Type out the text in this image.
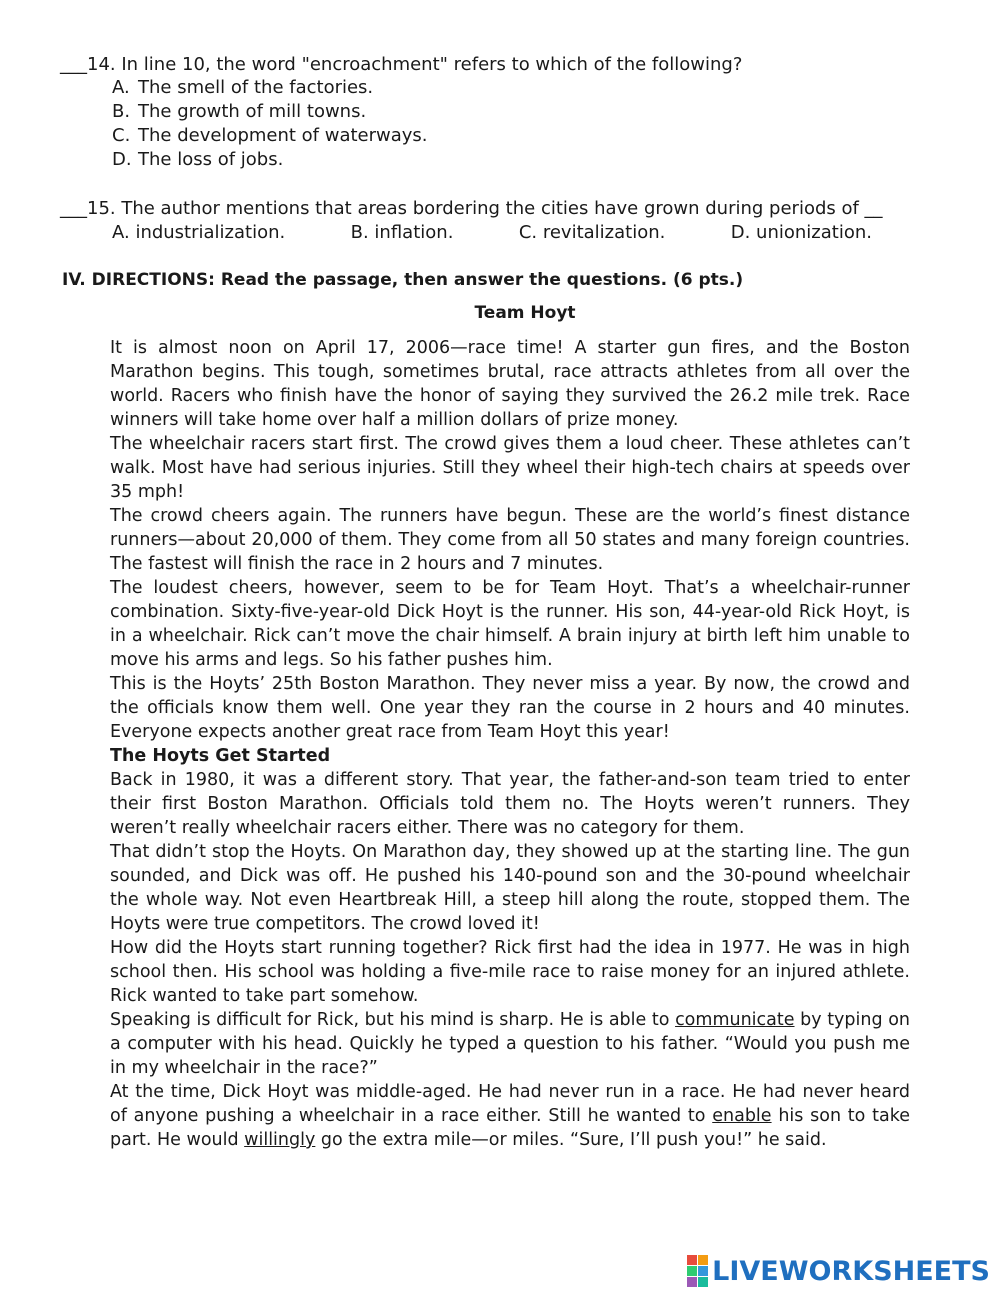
___14. In line 10, the word "encroachment" refers to which of the following?
A. The smell of the factories.
B. The growth of mill towns.
C. The development of waterways.
D. The loss of jobs.
___15. The author mentions that areas bordering the cities have grown during periods of __
A. industrialization.	B. inflation.	C. revitalization.	D. unionization.
IV. DIRECTIONS: Read the passage, then answer the questions. (6 pts.)
Team Hoyt

It is almost noon on April 17, 2006—race time! A starter gun fires, and the Boston Marathon begins. This tough, sometimes brutal, race attracts athletes from all over the world. Racers who finish have the honor of saying they survived the 26.2 mile trek. Race winners will take home over half a million dollars of prize money.

The wheelchair racers start first. The crowd gives them a loud cheer. These athletes can’t walk. Most have had serious injuries. Still they wheel their high-tech chairs at speeds over 35 mph!

The crowd cheers again. The runners have begun. These are the world’s finest distance runners—about 20,000 of them. They come from all 50 states and many foreign countries. The fastest will finish the race in 2 hours and 7 minutes.

The loudest cheers, however, seem to be for Team Hoyt. That’s a wheelchair-runner combination. Sixty-five-year-old Dick Hoyt is the runner. His son, 44-year-old Rick Hoyt, is in a wheelchair. Rick can’t move the chair himself. A brain injury at birth left him unable to move his arms and legs. So his father pushes him.

This is the Hoyts’ 25th Boston Marathon. They never miss a year. By now, the crowd and the officials know them well. One year they ran the course in 2 hours and 40 minutes. Everyone expects another great race from Team Hoyt this year!

The Hoyts Get Started

Back in 1980, it was a different story. That year, the father-and-son team tried to enter their first Boston Marathon. Officials told them no. The Hoyts weren’t runners. They weren’t really wheelchair racers either. There was no category for them.

That didn’t stop the Hoyts. On Marathon day, they showed up at the starting line. The gun sounded, and Dick was off. He pushed his 140-pound son and the 30-pound wheelchair the whole way. Not even Heartbreak Hill, a steep hill along the route, stopped them. The Hoyts were true competitors. The crowd loved it!

How did the Hoyts start running together? Rick first had the idea in 1977. He was in high school then. His school was holding a five-mile race to raise money for an injured athlete. Rick wanted to take part somehow.

Speaking is difficult for Rick, but his mind is sharp. He is able to communicate by typing on a computer with his head. Quickly he typed a question to his father. “Would you push me in my wheelchair in the race?”

At the time, Dick Hoyt was middle-aged. He had never run in a race. He had never heard of anyone pushing a wheelchair in a race either. Still he wanted to enable his son to take part. He would willingly go the extra mile—or miles. “Sure, I’ll push you!” he said.

LIVEWORKSHEETS
